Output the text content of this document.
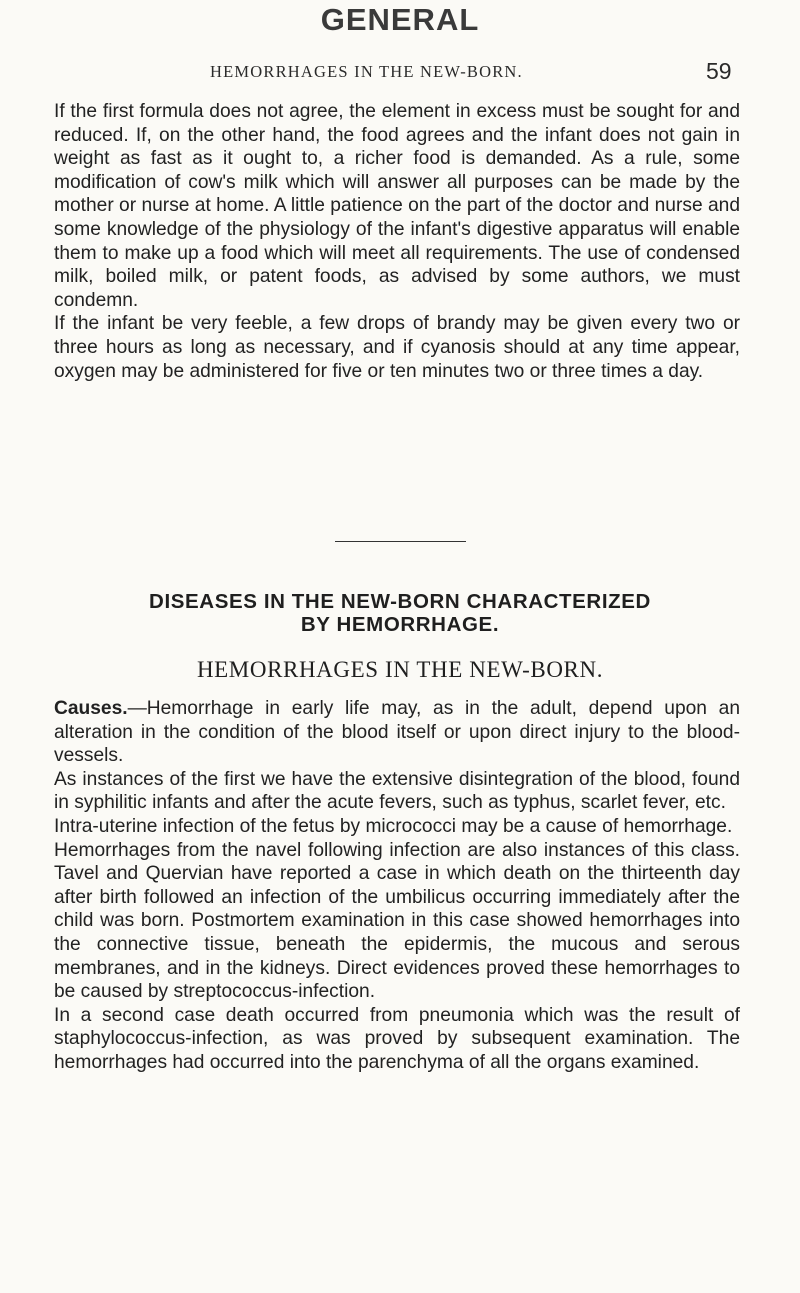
GENERAL
HEMORRHAGES IN THE NEW-BORN.	59

If the first formula does not agree, the element in excess must be sought for and reduced. If, on the other hand, the food agrees and the infant does not gain in weight as fast as it ought to, a richer food is demanded. As a rule, some modification of cow's milk which will answer all purposes can be made by the mother or nurse at home. A little patience on the part of the doctor and nurse and some knowledge of the physiology of the infant's digestive apparatus will enable them to make up a food which will meet all requirements. The use of condensed milk, boiled milk, or patent foods, as advised by some authors, we must condemn.

If the infant be very feeble, a few drops of brandy may be given every two or three hours as long as necessary, and if cyanosis should at any time appear, oxygen may be administered for five or ten minutes two or three times a day.

DISEASES IN THE NEW-BORN CHARACTERIZED
BY HEMORRHAGE.
HEMORRHAGES IN THE NEW-BORN.

Causes.—Hemorrhage in early life may, as in the adult, depend upon an alteration in the condition of the blood itself or upon direct injury to the blood-vessels.

As instances of the first we have the extensive disintegration of the blood, found in syphilitic infants and after the acute fevers, such as typhus, scarlet fever, etc.

Intra-uterine infection of the fetus by micrococci may be a cause of hemorrhage.

Hemorrhages from the navel following infection are also instances of this class. Tavel and Quervian have reported a case in which death on the thirteenth day after birth followed an infection of the umbilicus occurring immediately after the child was born. Postmortem examination in this case showed hemorrhages into the connective tissue, beneath the epidermis, the mucous and serous membranes, and in the kidneys. Direct evidences proved these hemorrhages to be caused by streptococcus-infection.

In a second case death occurred from pneumonia which was the result of staphylococcus-infection, as was proved by subsequent examination. The hemorrhages had occurred into the parenchyma of all the organs examined.
